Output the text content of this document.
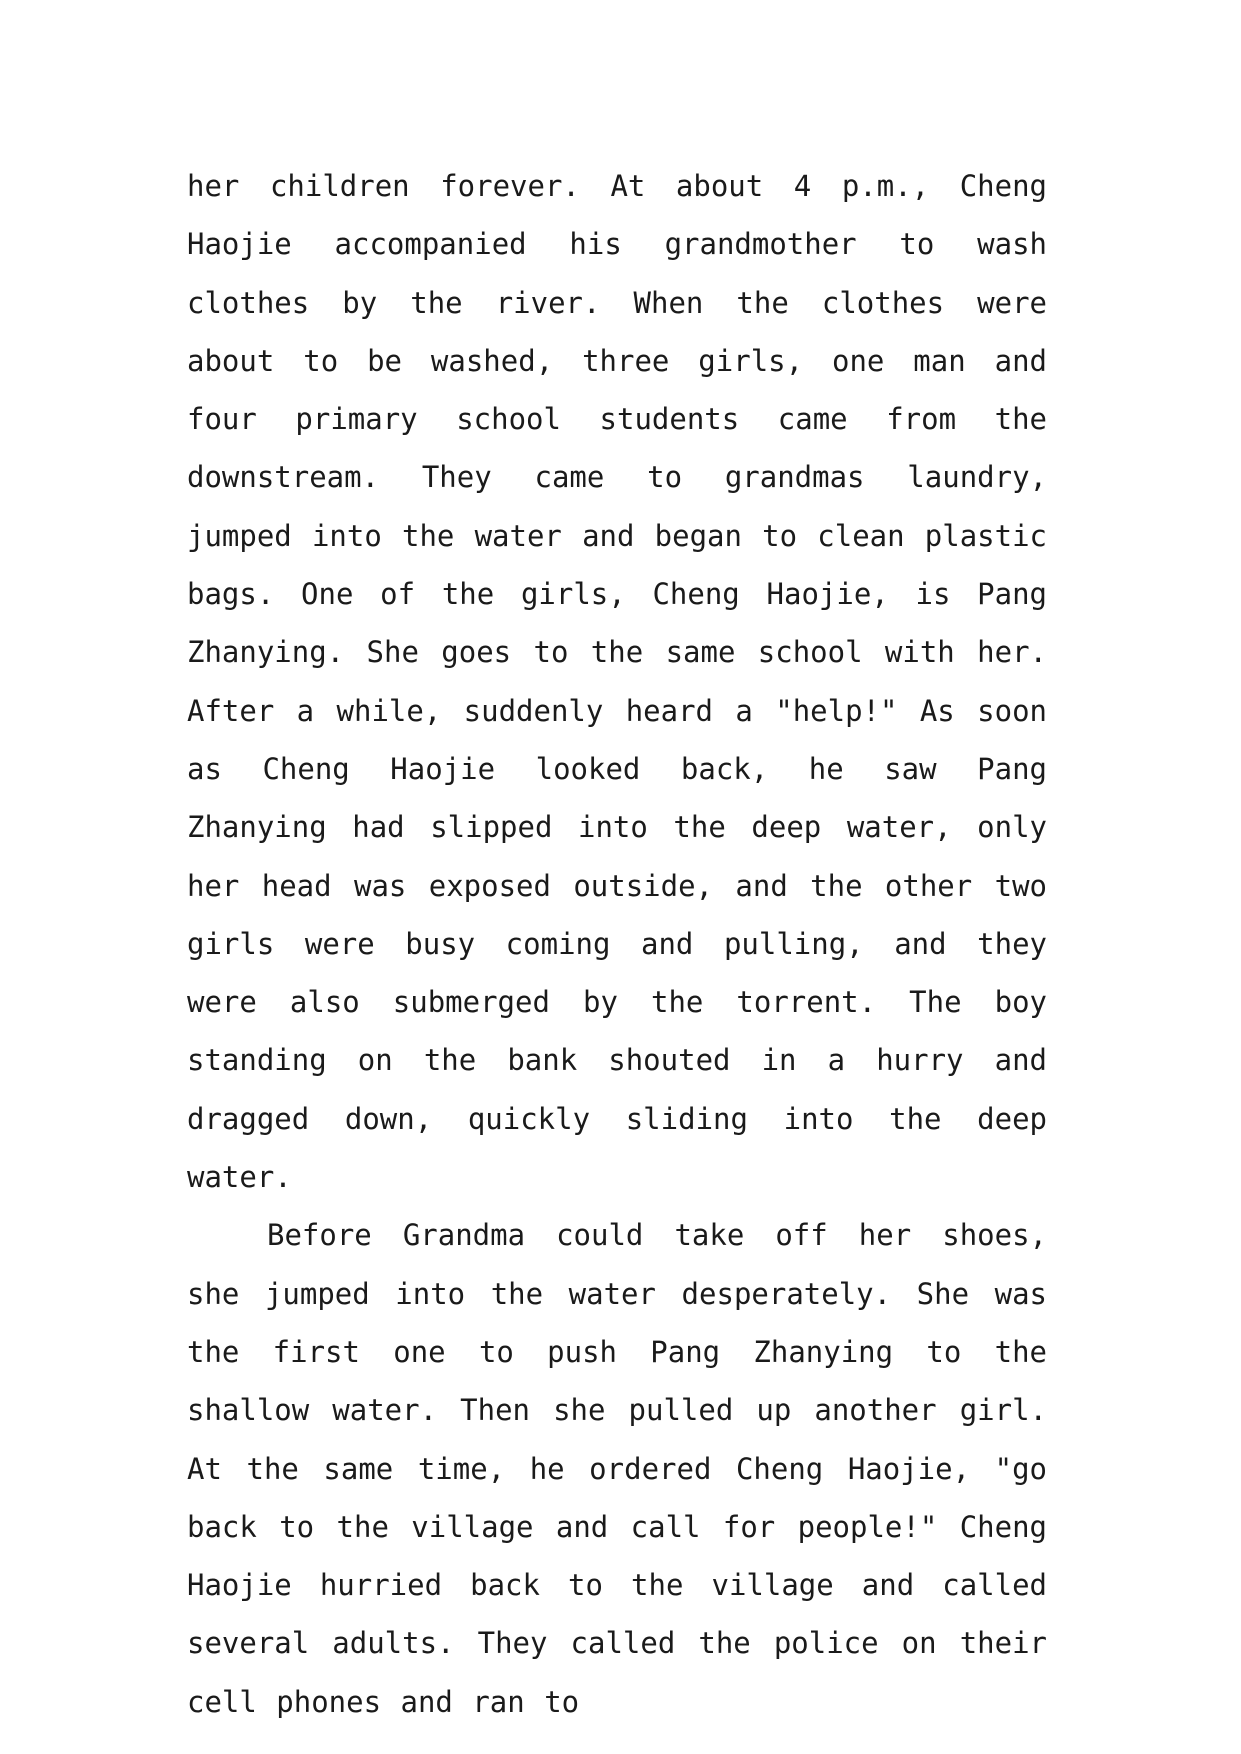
her children forever. At about 4 p.m., Cheng Haojie accompanied his grandmother to wash clothes by the river. When the clothes were about to be washed, three girls, one man and four primary school students came from the downstream. They came to grandmas laundry, jumped into the water and began to clean plastic bags. One of the girls, Cheng Haojie, is Pang Zhanying. She goes to the same school with her. After a while, suddenly heard a "help!" As soon as Cheng Haojie looked back, he saw Pang Zhanying had slipped into the deep water, only her head was exposed outside, and the other two girls were busy coming and pulling, and they were also submerged by the torrent. The boy standing on the bank shouted in a hurry and dragged down, quickly sliding into the deep water.

Before Grandma could take off her shoes, she jumped into the water desperately. She was the first one to push Pang Zhanying to the shallow water. Then she pulled up another girl. At the same time, he ordered Cheng Haojie, "go back to the village and call for people!" Cheng Haojie hurried back to the village and called several adults. They called the police on their cell phones and ran to
